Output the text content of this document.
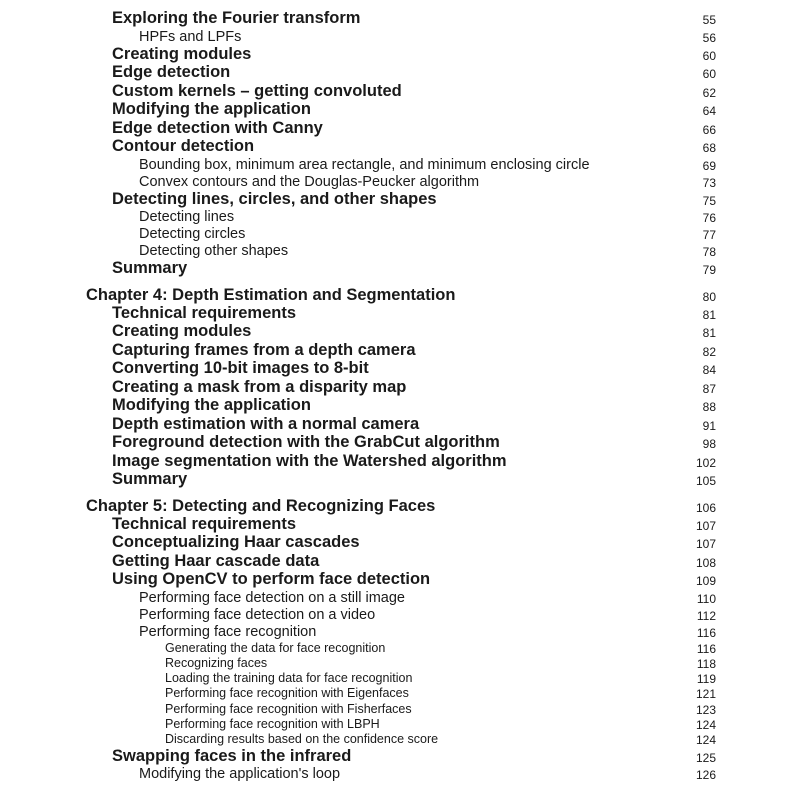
Exploring the Fourier transform	55
HPFs and LPFs	56
Creating modules	60
Edge detection	60
Custom kernels – getting convoluted	62
Modifying the application	64
Edge detection with Canny	66
Contour detection	68
Bounding box, minimum area rectangle, and minimum enclosing circle	69
Convex contours and the Douglas-Peucker algorithm	73
Detecting lines, circles, and other shapes	75
Detecting lines	76
Detecting circles	77
Detecting other shapes	78
Summary	79
Chapter 4: Depth Estimation and Segmentation	80
Technical requirements	81
Creating modules	81
Capturing frames from a depth camera	82
Converting 10-bit images to 8-bit	84
Creating a mask from a disparity map	87
Modifying the application	88
Depth estimation with a normal camera	91
Foreground detection with the GrabCut algorithm	98
Image segmentation with the Watershed algorithm	102
Summary	105
Chapter 5: Detecting and Recognizing Faces	106
Technical requirements	107
Conceptualizing Haar cascades	107
Getting Haar cascade data	108
Using OpenCV to perform face detection	109
Performing face detection on a still image	110
Performing face detection on a video	112
Performing face recognition	116
Generating the data for face recognition	116
Recognizing faces	118
Loading the training data for face recognition	119
Performing face recognition with Eigenfaces	121
Performing face recognition with Fisherfaces	123
Performing face recognition with LBPH	124
Discarding results based on the confidence score	124
Swapping faces in the infrared	125
Modifying the application's loop	126
